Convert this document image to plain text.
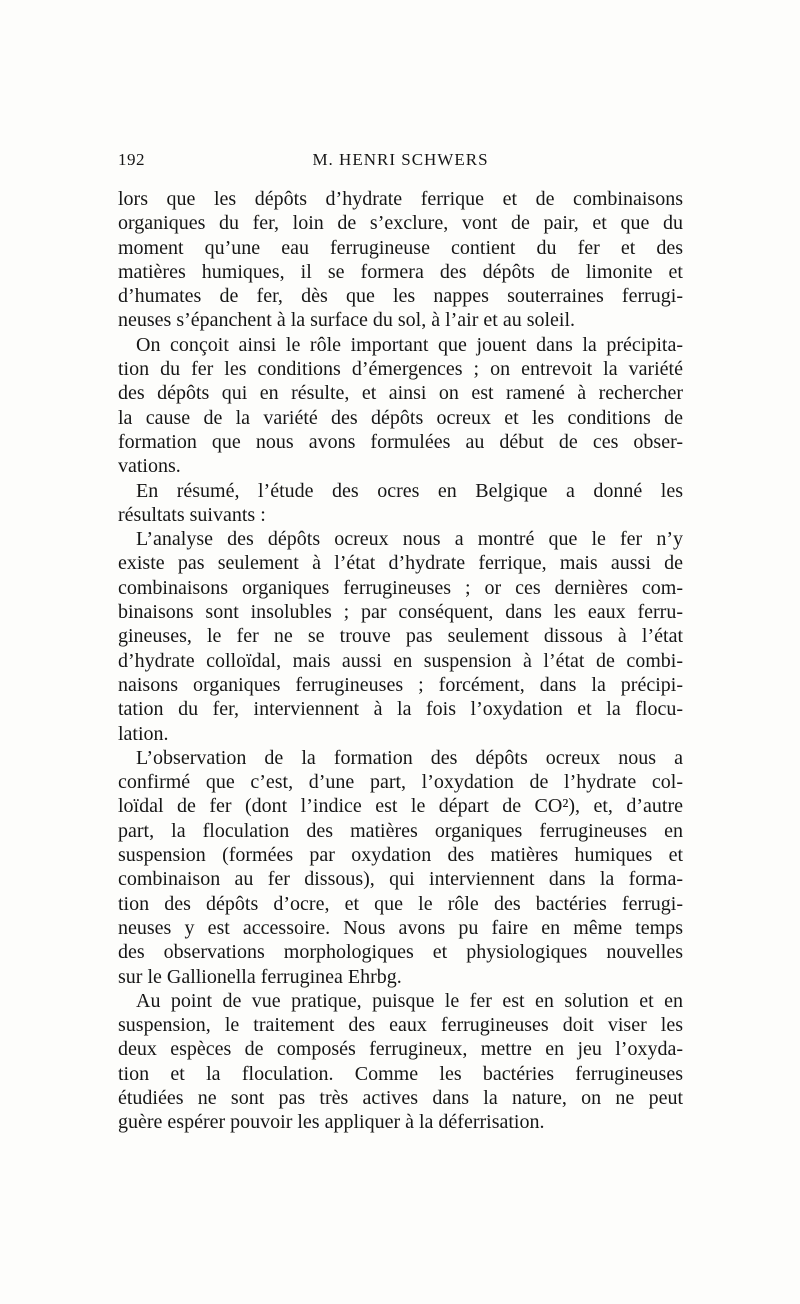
192	M. HENRI SCHWERS
lors que les dépôts d’hydrate ferrique et de combinaisons
organiques du fer, loin de s’exclure, vont de pair, et que du
moment qu’une eau ferrugineuse contient du fer et des
matières humiques, il se formera des dépôts de limonite et
d’humates de fer, dès que les nappes souterraines ferrugi-
neuses s’épanchent à la surface du sol, à l’air et au soleil.
On conçoit ainsi le rôle important que jouent dans la précipita-
tion du fer les conditions d’émergences ; on entrevoit la variété
des dépôts qui en résulte, et ainsi on est ramené à rechercher
la cause de la variété des dépôts ocreux et les conditions de
formation que nous avons formulées au début de ces obser-
vations.
En résumé, l’étude des ocres en Belgique a donné les
résultats suivants :
L’analyse des dépôts ocreux nous a montré que le fer n’y
existe pas seulement à l’état d’hydrate ferrique, mais aussi de
combinaisons organiques ferrugineuses ; or ces dernières com-
binaisons sont insolubles ; par conséquent, dans les eaux ferru-
gineuses, le fer ne se trouve pas seulement dissous à l’état
d’hydrate colloïdal, mais aussi en suspension à l’état de combi-
naisons organiques ferrugineuses ; forcément, dans la précipi-
tation du fer, interviennent à la fois l’oxydation et la flocu-
lation.
L’observation de la formation des dépôts ocreux nous a
confirmé que c’est, d’une part, l’oxydation de l’hydrate col-
loïdal de fer (dont l’indice est le départ de CO²), et, d’autre
part, la floculation des matières organiques ferrugineuses en
suspension (formées par oxydation des matières humiques et
combinaison au fer dissous), qui interviennent dans la forma-
tion des dépôts d’ocre, et que le rôle des bactéries ferrugi-
neuses y est accessoire. Nous avons pu faire en même temps
des observations morphologiques et physiologiques nouvelles
sur le Gallionella ferruginea Ehrbg.
Au point de vue pratique, puisque le fer est en solution et en
suspension, le traitement des eaux ferrugineuses doit viser les
deux espèces de composés ferrugineux, mettre en jeu l’oxyda-
tion et la floculation. Comme les bactéries ferrugineuses
étudiées ne sont pas très actives dans la nature, on ne peut
guère espérer pouvoir les appliquer à la déferrisation.
